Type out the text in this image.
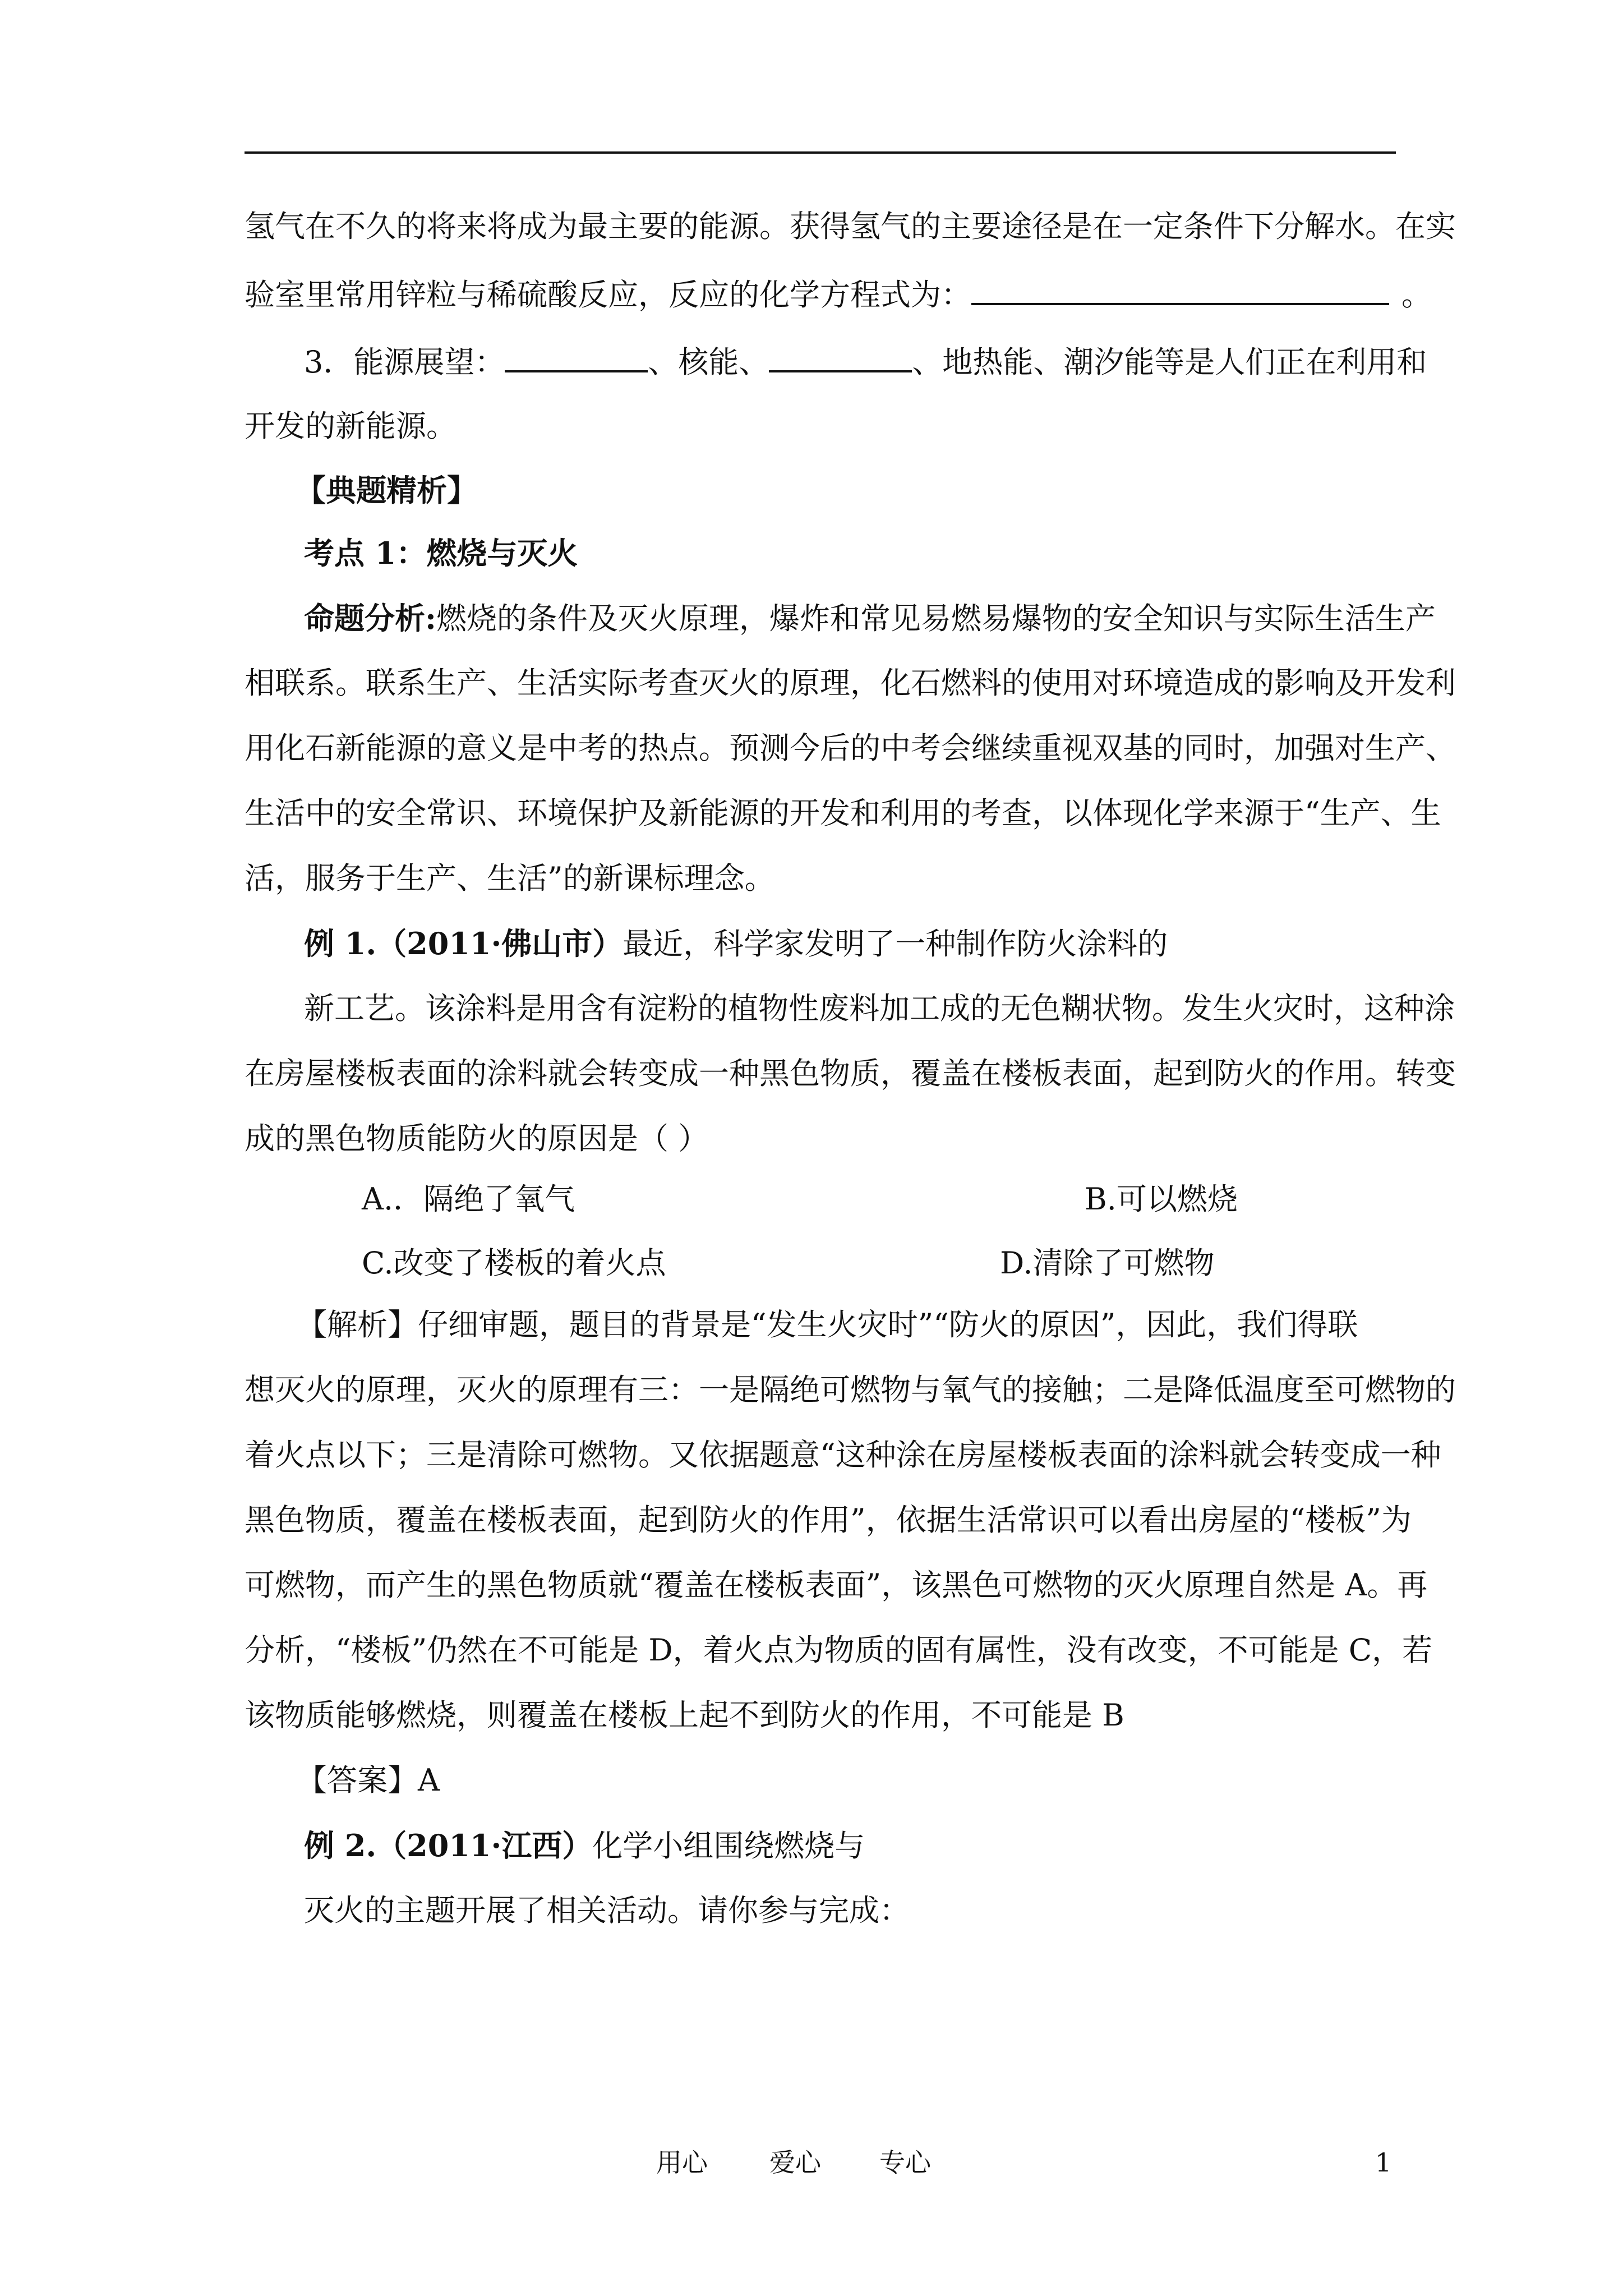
氢气在不久的将来将成为最主要的能源。获得氢气的主要途径是在一定条件下分解水。在实
验室里常用锌粒与稀硫酸反应，反应的化学方程式为：	。
3．能源展望：	、核能、	、地热能、潮汐能等是人们正在利用和
开发的新能源。
【典题精析】
考点 1：燃烧与灭火
命题分析:燃烧的条件及灭火原理，爆炸和常见易燃易爆物的安全知识与实际生活生产
相联系。联系生产、生活实际考查灭火的原理，化石燃料的使用对环境造成的影响及开发利
用化石新能源的意义是中考的热点。预测今后的中考会继续重视双基的同时，加强对生产、
生活中的安全常识、环境保护及新能源的开发和利用的考查，以体现化学来源于“生产、生
活，服务于生产、生活”的新课标理念。
例 1.（2011·佛山市）最近，科学家发明了一种制作防火涂料的
新工艺。该涂料是用含有淀粉的植物性废料加工成的无色糊状物。发生火灾时，这种涂
在房屋楼板表面的涂料就会转变成一种黑色物质，覆盖在楼板表面，起到防火的作用。转变
成的黑色物质能防火的原因是（ ）
A.．隔绝了氧气	B.可以燃烧
C.改变了楼板的着火点	D.清除了可燃物
【解析】仔细审题，题目的背景是“发生火灾时”“防火的原因”，因此，我们得联
想灭火的原理，灭火的原理有三：一是隔绝可燃物与氧气的接触；二是降低温度至可燃物的
着火点以下；三是清除可燃物。又依据题意“这种涂在房屋楼板表面的涂料就会转变成一种
黑色物质，覆盖在楼板表面，起到防火的作用”，依据生活常识可以看出房屋的“楼板”为
可燃物，而产生的黑色物质就“覆盖在楼板表面”，该黑色可燃物的灭火原理自然是 A。再
分析，“楼板”仍然在不可能是 D，着火点为物质的固有属性，没有改变，不可能是 C，若
该物质能够燃烧，则覆盖在楼板上起不到防火的作用，不可能是 B
【答案】A
例 2.（2011·江西）化学小组围绕燃烧与
灭火的主题开展了相关活动。请你参与完成：
用心 爱心 专心	1
